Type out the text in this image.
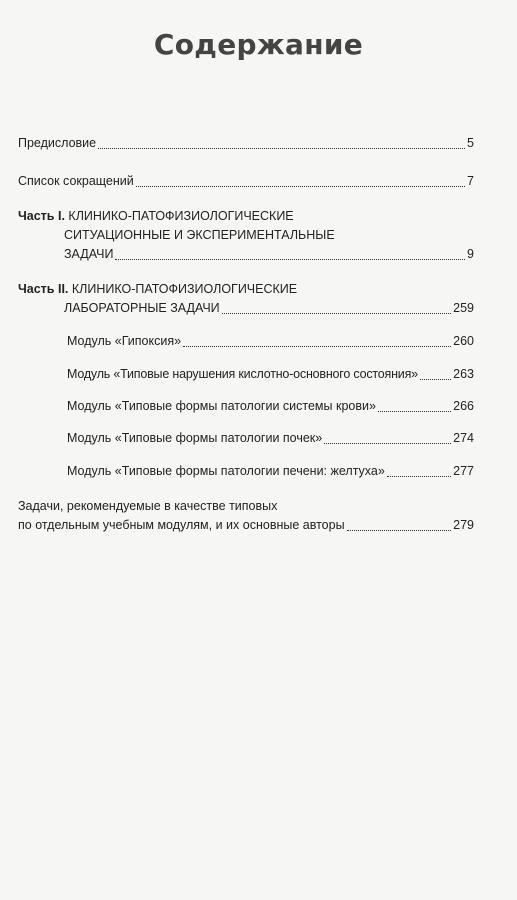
Содержание
Предисловие	5
Список сокращений	7
Часть I. КЛИНИКО-ПАТОФИЗИОЛОГИЧЕСКИЕ
СИТУАЦИОННЫЕ И ЭКСПЕРИМЕНТАЛЬНЫЕ
ЗАДАЧИ	9
Часть II. КЛИНИКО-ПАТОФИЗИОЛОГИЧЕСКИЕ
ЛАБОРАТОРНЫЕ ЗАДАЧИ	259
Модуль «Гипоксия»	260
Модуль «Типовые нарушения кислотно-основного состояния»	263
Модуль «Типовые формы патологии системы крови»	266
Модуль «Типовые формы патологии почек»	274
Модуль «Типовые формы патологии печени: желтуха»	277
Задачи, рекомендуемые в качестве типовых
по отдельным учебным модулям, и их основные авторы	279
